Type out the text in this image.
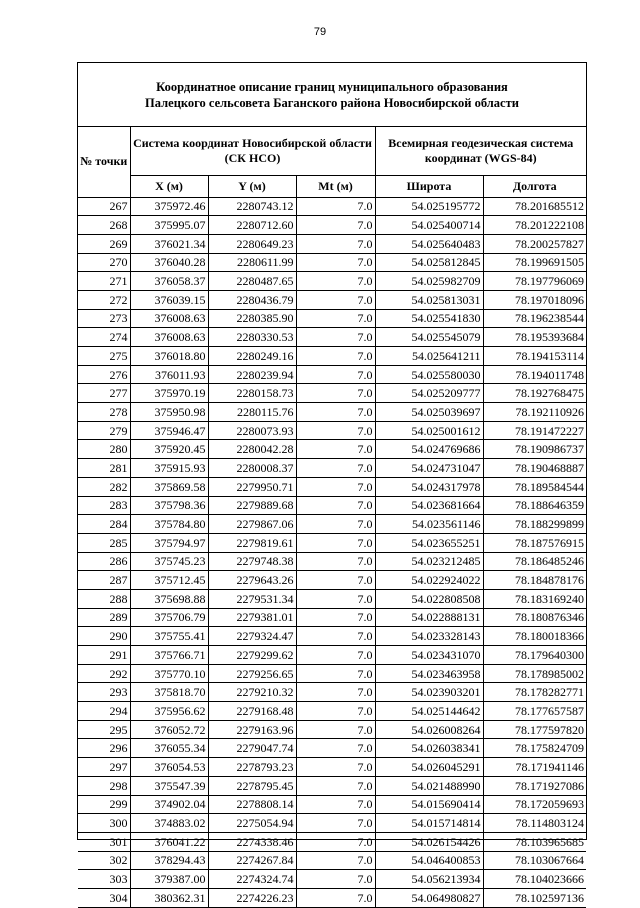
79
Координатное описание границ муниципального образования
Палецкого сельсовета Баганского района Новосибирской области
№ точки	Система координат Новосибирской области (СК НСО)			Всемирная геодезическая система координат (WGS-84)	
	X (м)	Y (м)	Mt (м)	Широта	Долгота
267	375972.46	2280743.12	7.0	54.025195772	78.201685512
268	375995.07	2280712.60	7.0	54.025400714	78.201222108
269	376021.34	2280649.23	7.0	54.025640483	78.200257827
270	376040.28	2280611.99	7.0	54.025812845	78.199691505
271	376058.37	2280487.65	7.0	54.025982709	78.197796069
272	376039.15	2280436.79	7.0	54.025813031	78.197018096
273	376008.63	2280385.90	7.0	54.025541830	78.196238544
274	376008.63	2280330.53	7.0	54.025545079	78.195393684
275	376018.80	2280249.16	7.0	54.025641211	78.194153114
276	376011.93	2280239.94	7.0	54.025580030	78.194011748
277	375970.19	2280158.73	7.0	54.025209777	78.192768475
278	375950.98	2280115.76	7.0	54.025039697	78.192110926
279	375946.47	2280073.93	7.0	54.025001612	78.191472227
280	375920.45	2280042.28	7.0	54.024769686	78.190986737
281	375915.93	2280008.37	7.0	54.024731047	78.190468887
282	375869.58	2279950.71	7.0	54.024317978	78.189584544
283	375798.36	2279889.68	7.0	54.023681664	78.188646359
284	375784.80	2279867.06	7.0	54.023561146	78.188299899
285	375794.97	2279819.61	7.0	54.023655251	78.187576915
286	375745.23	2279748.38	7.0	54.023212485	78.186485246
287	375712.45	2279643.26	7.0	54.022924022	78.184878176
288	375698.88	2279531.34	7.0	54.022808508	78.183169240
289	375706.79	2279381.01	7.0	54.022888131	78.180876346
290	375755.41	2279324.47	7.0	54.023328143	78.180018366
291	375766.71	2279299.62	7.0	54.023431070	78.179640300
292	375770.10	2279256.65	7.0	54.023463958	78.178985002
293	375818.70	2279210.32	7.0	54.023903201	78.178282771
294	375956.62	2279168.48	7.0	54.025144642	78.177657587
295	376052.72	2279163.96	7.0	54.026008264	78.177597820
296	376055.34	2279047.74	7.0	54.026038341	78.175824709
297	376054.53	2278793.23	7.0	54.026045291	78.171941146
298	375547.39	2278795.45	7.0	54.021488990	78.171927086
299	374902.04	2278808.14	7.0	54.015690414	78.172059693
300	374883.02	2275054.94	7.0	54.015714814	78.114803124
301	376041.22	2274338.46	7.0	54.026154426	78.103965685
302	378294.43	2274267.84	7.0	54.046400853	78.103067664
303	379387.00	2274324.74	7.0	54.056213934	78.104023666
304	380362.31	2274226.23	7.0	54.064980827	78.102597136
